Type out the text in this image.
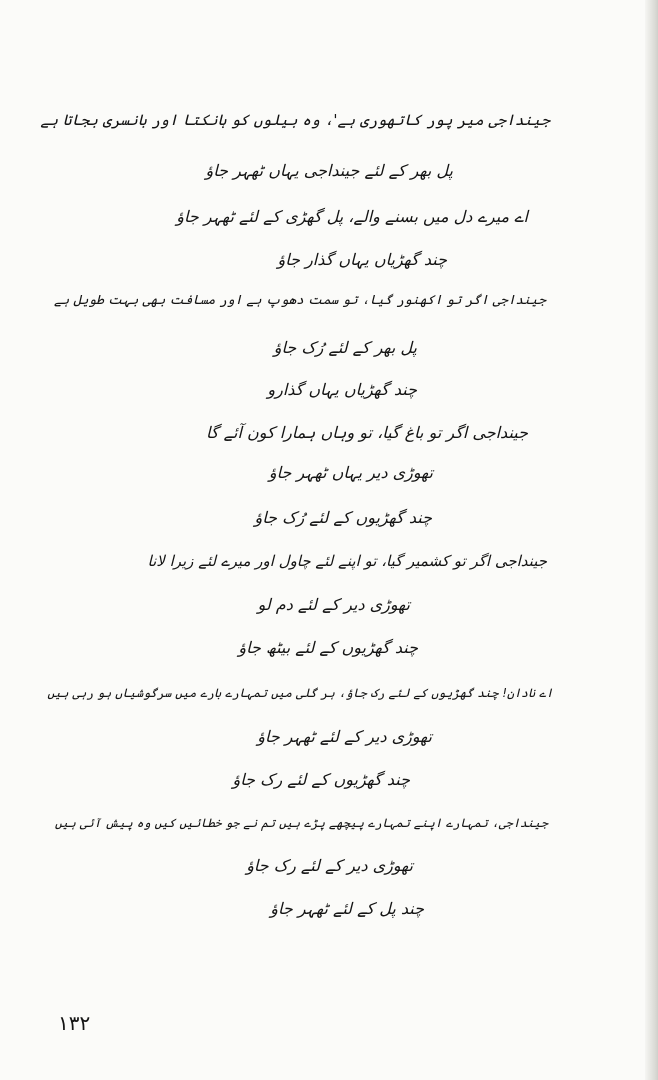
جینداجی میر پور کاتھوری ہے'، وہ بیلوں کو ہانکتا اور بانسری بجاتا ہے
پل بھر کے لئے جینداجی یہاں ٹھہر جاؤ
اے میرے دل میں بسنے والے، پل گھڑی کے لئے ٹھہر جاؤ
چند گھڑیاں یہاں گذار جاؤ
جینداجی اگر تو اکھنور گیا، تو سمت دھوپ ہے اور مسافت بھی بہت طویل ہے
پل بھر کے لئے رُک جاؤ
چند گھڑیاں یہاں گذارو
جینداجی اگر تو باغ گیا، تو وہاں ہمارا کون آئے گا
تھوڑی دیر یہاں ٹھہر جاؤ
چند گھڑیوں کے لئے رُک جاؤ
جینداجی اگر تو کشمیر گیا، تو اپنے لئے چاول اور میرے لئے زیرا لانا
تھوڑی دیر کے لئے دم لو
چند گھڑیوں کے لئے بیٹھ جاؤ
اے نادان! چند گھڑیوں کے لئے رک جاؤ، ہر گلی میں تمہارے بارے میں سرگوشیاں ہو رہی ہیں
تھوڑی دیر کے لئے ٹھہر جاؤ
چند گھڑیوں کے لئے رک جاؤ
جینداجی، تمہارے اپنے تمہارے پیچھے پڑے ہیں تم نے جو خطائیں کیں وہ پیش آئی ہیں
تھوڑی دیر کے لئے رک جاؤ
چند پل کے لئے ٹھہر جاؤ
۱۳۲
